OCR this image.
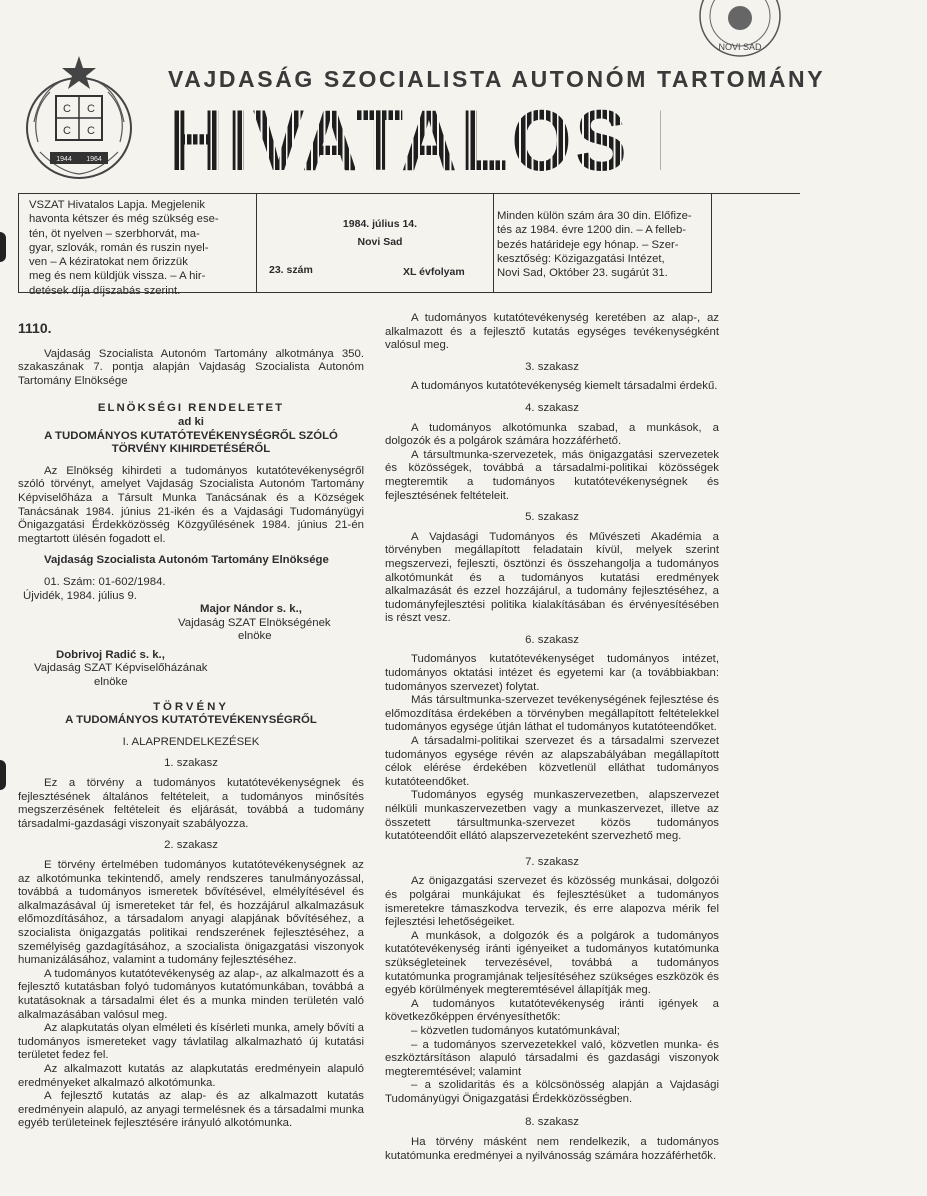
C C
C C
1944 1964
NOVI SAD
VAJDASÁG SZOCIALISTA AUTONÓM TARTOMÁNY
HIVATALOS LAPJA
VSZAT Hivatalos Lapja. Megjelenik
havonta kétszer és még szükség ese-
tén, öt nyelven – szerbhorvát, ma-
gyar, szlovák, román és ruszin nyel-
ven – A kéziratokat nem őrizzük
meg és nem küldjük vissza. – A hir-
detések díja díjszabás szerint.
1984. július 14.
Novi Sad
23. szám	XL évfolyam
Minden külön szám ára 30 din. Előfize-
tés az 1984. évre 1200 din. – A felleb-
bezés határideje egy hónap. – Szer-
kesztőség: Közigazgatási Intézet,
Novi Sad, Október 23. sugárút 31.
1110.

Vajdaság Szocialista Autonóm Tartomány alkotmánya 350. szakaszának 7. pontja alapján Vajdaság Szocialista Autonóm Tartomány Elnöksége

ELNÖKSÉGI RENDELETET
ad ki
A TUDOMÁNYOS KUTATÓTEVÉKENYSÉGRŐL SZÓLÓ TÖRVÉNY KIHIRDETÉSÉRŐL

Az Elnökség kihirdeti a tudományos kutatótevékenységről szóló törvényt, amelyet Vajdaság Szocialista Autonóm Tartomány Képviselőháza a Társult Munka Tanácsának és a Községek Tanácsának 1984. június 21-ikén és a Vajdasági Tudományügyi Önigazgatási Érdekközösség Közgyűlésének 1984. június 21-én megtartott ülésén fogadott el.

Vajdaság Szocialista Autonóm Tartomány Elnöksége

01. Szám: 01-602/1984.

Újvidék, 1984. július 9.

Major Nándor s. k.,
Vajdaság SZAT Elnökségének
elnöke
Dobrivoj Radić s. k.,
Vajdaság SZAT Képviselőházának
elnöke
TÖRVÉNY
A TUDOMÁNYOS KUTATÓTEVÉKENYSÉGRŐL
I. ALAPRENDELKEZÉSEK
1. szakasz

Ez a törvény a tudományos kutatótevékenységnek és fejlesztésének általános feltételeit, a tudományos minősítés megszerzésének feltételeit és eljárását, továbbá a tudomány társadalmi-gazdasági viszonyait szabályozza.

2. szakasz

E törvény értelmében tudományos kutatótevékenységnek az az alkotómunka tekintendő, amely rendszeres tanulmányozással, továbbá a tudományos ismeretek bővítésével, elmélyítésével és alkalmazásával új ismereteket tár fel, és hozzájárul alkalmazásuk előmozdításához, a társadalom anyagi alapjának bővítéséhez, a szocialista önigazgatás politikai rendszerének fejlesztéséhez, a személyiség gazdagításához, a szocialista önigazgatási viszonyok humanizálásához, valamint a tudomány fejlesztéséhez.

A tudományos kutatótevékenység az alap-, az alkalmazott és a fejlesztő kutatásban folyó tudományos kutatómunkában, továbbá a kutatásoknak a társadalmi élet és a munka minden területén való alkalmazásában valósul meg.

Az alapkutatás olyan elméleti és kísérleti munka, amely bővíti a tudományos ismereteket vagy távlatilag alkalmazható új kutatási területet fedez fel.

Az alkalmazott kutatás az alapkutatás eredményein alapuló eredményeket alkalmazó alkotómunka.

A fejlesztő kutatás az alap- és az alkalmazott kutatás eredményein alapuló, az anyagi termelésnek és a társadalmi munka egyéb területeinek fejlesztésére irányuló alkotómunka.

A tudományos kutatótevékenység keretében az alap-, az alkalmazott és a fejlesztő kutatás egységes tevékenységként valósul meg.

3. szakasz

A tudományos kutatótevékenység kiemelt társadalmi érdekű.

4. szakasz

A tudományos alkotómunka szabad, a munkások, a dolgozók és a polgárok számára hozzáférhető.

A társultmunka-szervezetek, más önigazgatási szervezetek és közösségek, továbbá a társadalmi-politikai közösségek megteremtik a tudományos kutatótevékenységnek és fejlesztésének feltételeit.

5. szakasz

A Vajdasági Tudományos és Művészeti Akadémia a törvényben megállapított feladatain kívül, melyek szerint megszervezi, fejleszti, ösztönzi és összehangolja a tudományos alkotómunkát és a tudományos kutatási eredmények alkalmazását és ezzel hozzájárul, a tudomány fejlesztéséhez, a tudományfejlesztési politika kialakításában és érvényesítésében is részt vesz.

6. szakasz

Tudományos kutatótevékenységet tudományos intézet, tudományos oktatási intézet és egyetemi kar (a továbbiakban: tudományos szervezet) folytat.

Más társultmunka-szervezet tevékenységének fejlesztése és előmozdítása érdekében a törvényben megállapított feltételekkel tudományos egysége útján láthat el tudományos kutatóteendőket.

A társadalmi-politikai szervezet és a társadalmi szervezet tudományos egysége révén az alapszabályában megállapított célok elérése érdekében közvetlenül elláthat tudományos kutatóteendőket.

Tudományos egység munkaszervezetben, alapszervezet nélküli munkaszervezetben vagy a munkaszervezet, illetve az összetett társultmunka-szervezet közös tudományos kutatóteendőit ellátó alapszervezeteként szervezhető meg.

7. szakasz

Az önigazgatási szervezet és közösség munkásai, dolgozói és polgárai munkájukat és fejlesztésüket a tudományos ismeretekre támaszkodva tervezik, és erre alapozva mérik fel fejlesztési lehetőségeiket.

A munkások, a dolgozók és a polgárok a tudományos kutatótevékenység iránti igényeiket a tudományos kutatómunka szükségleteinek tervezésével, továbbá a tudományos kutatómunka programjának teljesítéséhez szükséges eszközök és egyéb körülmények megteremtésével állapítják meg.

A tudományos kutatótevékenység iránti igények a következőképpen érvényesíthetők:

– közvetlen tudományos kutatómunkával;

– a tudományos szervezetekkel való, közvetlen munka- és eszköztársításon alapuló társadalmi és gazdasági viszonyok megteremtésével; valamint

– a szolidaritás és a kölcsönösség alapján a Vajdasági Tudományügyi Önigazgatási Érdekközösségben.

8. szakasz

Ha törvény másként nem rendelkezik, a tudományos kutatómunka eredményei a nyilvánosság számára hozzáférhetők.
